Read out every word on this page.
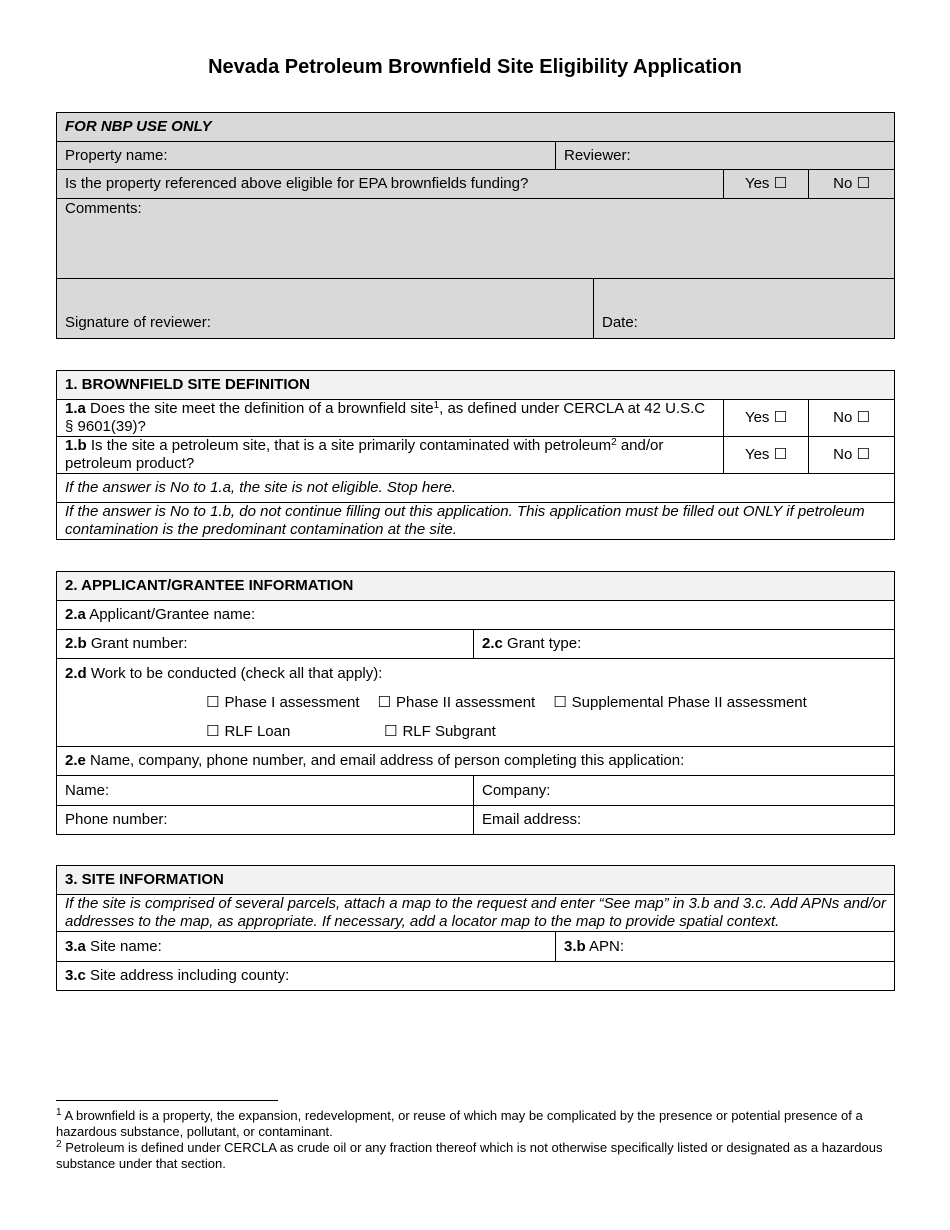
Nevada Petroleum Brownfield Site Eligibility Application
FOR NBP USE ONLY				
Property name:	Reviewer:			
Is the property referenced above eligible for EPA brownfields funding?			Yes ☐	No ☐
Comments:				
Signature of reviewer:		Date:		
1. BROWNFIELD SITE DEFINITION		
1.a Does the site meet the definition of a brownfield site$^1$, as defined under CERCLA at 42 U.S.C § 9601(39)?	Yes ☐	No ☐
1.b Is the site a petroleum site, that is a site primarily contaminated with petroleum$^2$ and/or petroleum product?	Yes ☐	No ☐
If the answer is No to 1.a, the site is not eligible. Stop here.		
If the answer is No to 1.b, do not continue filling out this application. This application must be filled out ONLY if petroleum contamination is the predominant contamination at the site.		
2. APPLICANT/GRANTEE INFORMATION	
2.a Applicant/Grantee name:	
2.b Grant number:	2.c Grant type:

2.d Work to be conducted (check all that apply):
☐ Phase I assessment ☐ Phase II assessment ☐ Supplemental Phase II assessment
☐ RLF Loan ☐ RLF Subgrant	

2.e Name, company, phone number, and email address of person completing this application:	
Name:	Company:
Phone number:	Email address:
3. SITE INFORMATION
If the site is comprised of several parcels, attach a map to the request and enter “See map” in 3.b and 3.c. Add APNs and/or addresses to the map, as appropriate. If necessary, add a locator map to the map to provide spatial context.
3.a Site name:	3.b APN:
3.c Site address including county:

$^1$ A brownfield is a property, the expansion, redevelopment, or reuse of which may be complicated by the presence or potential presence of a hazardous substance, pollutant, or contaminant.

$^2$ Petroleum is defined under CERCLA as crude oil or any fraction thereof which is not otherwise specifically listed or designated as a hazardous substance under that section.
